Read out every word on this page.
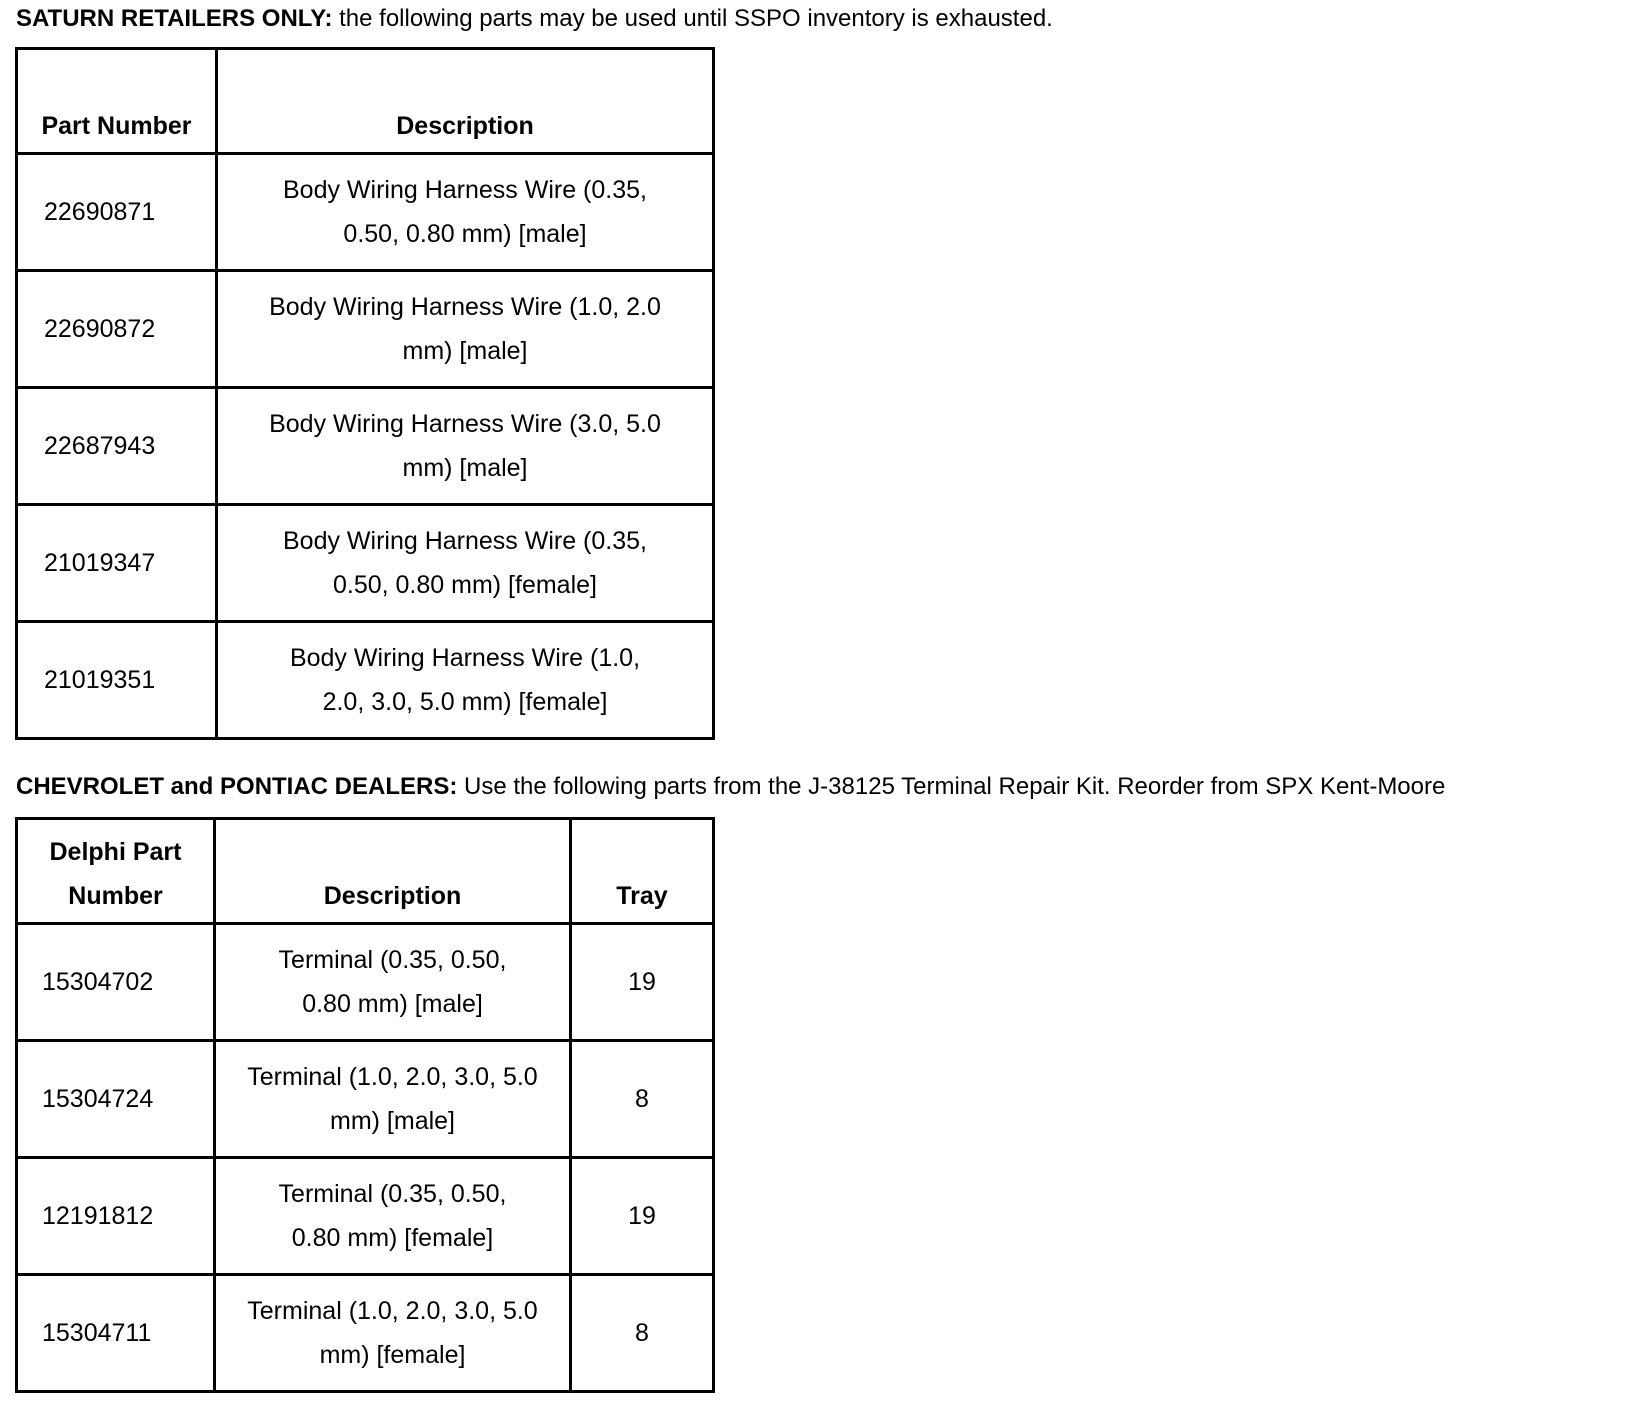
SATURN RETAILERS ONLY: the following parts may be used until SSPO inventory is exhausted.
Part Number	Description
22690871	Body Wiring Harness Wire (0.35, 0.50, 0.80 mm) [male]
22690872	Body Wiring Harness Wire (1.0, 2.0 mm) [male]
22687943	Body Wiring Harness Wire (3.0, 5.0 mm) [male]
21019347	Body Wiring Harness Wire (0.35, 0.50, 0.80 mm) [female]
21019351	Body Wiring Harness Wire (1.0, 2.0, 3.0, 5.0 mm) [female]
CHEVROLET and PONTIAC DEALERS: Use the following parts from the J-38125 Terminal Repair Kit. Reorder from SPX Kent-Moore
Delphi Part Number	Description	Tray
15304702	Terminal (0.35, 0.50, 0.80 mm) [male]	19
15304724	Terminal (1.0, 2.0, 3.0, 5.0 mm) [male]	8
12191812	Terminal (0.35, 0.50, 0.80 mm) [female]	19
15304711	Terminal (1.0, 2.0, 3.0, 5.0 mm) [female]	8
